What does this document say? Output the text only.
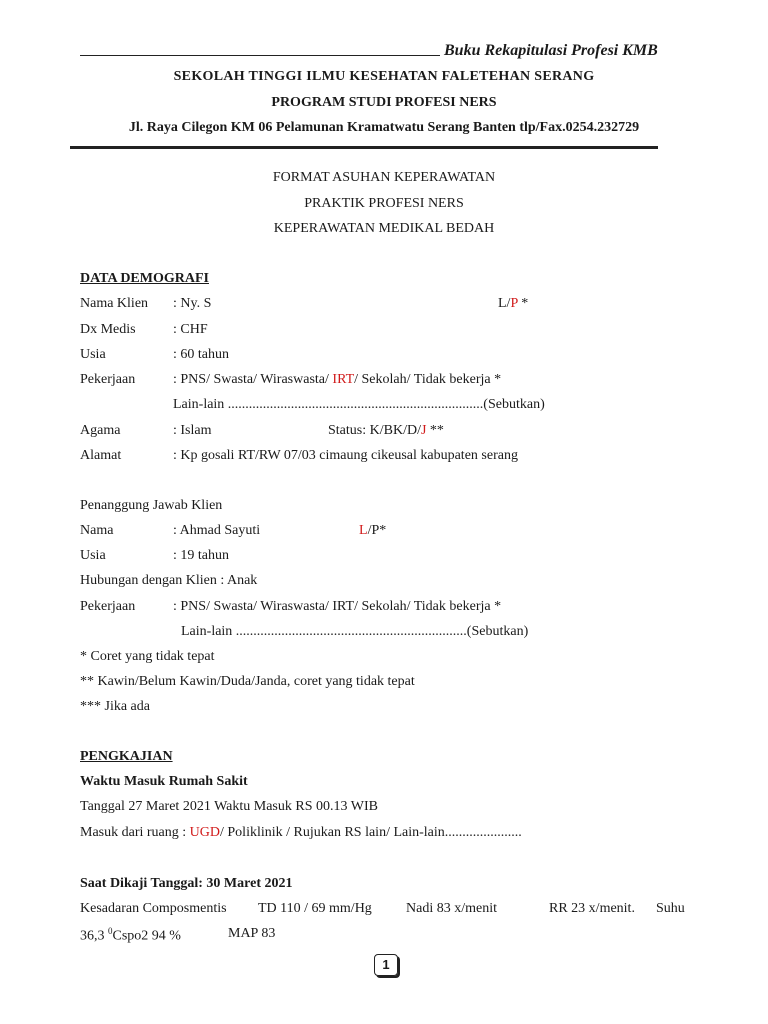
Buku Rekapitulasi Profesi KMB
SEKOLAH TINGGI ILMU KESEHATAN FALETEHAN SERANG
PROGRAM STUDI PROFESI NERS
Jl. Raya Cilegon KM 06 Pelamunan Kramatwatu Serang Banten tlp/Fax.0254.232729
FORMAT ASUHAN KEPERAWATAN
PRAKTIK PROFESI NERS
KEPERAWATAN MEDIKAL BEDAH
DATA DEMOGRAFI
Nama Klien : Ny. S	L/P *
Dx Medis	: CHF
Usia	: 60 tahun
Pekerjaan	: PNS/ Swasta/ Wiraswasta/ IRT/ Sekolah/ Tidak bekerja *
Lain-lain .........................................................................(Sebutkan)
Agama	: Islam	Status: K/BK/D/J **
Alamat	: Kp gosali RT/RW 07/03 cimaung cikeusal kabupaten serang
Penanggung Jawab Klien
Nama	: Ahmad Sayuti	L/P*
Usia	: 19 tahun
Hubungan dengan Klien : Anak
Pekerjaan	: PNS/ Swasta/ Wiraswasta/ IRT/ Sekolah/ Tidak bekerja *
Lain-lain ..................................................................(Sebutkan)
* Coret yang tidak tepat
** Kawin/Belum Kawin/Duda/Janda, coret yang tidak tepat
*** Jika ada
PENGKAJIAN
Waktu Masuk Rumah Sakit
Tanggal 27 Maret 2021 Waktu Masuk RS 00.13 WIB
Masuk dari ruang : UGD/ Poliklinik / Rujukan RS lain/ Lain-lain......................
Saat Dikaji Tanggal: 30 Maret 2021
Kesadaran Composmentis TD 110 / 69 mm/Hg Nadi 83 x/menit	RR 23 x/menit. Suhu
36,3 $^0$Cspo2 94 %	MAP 83
1
